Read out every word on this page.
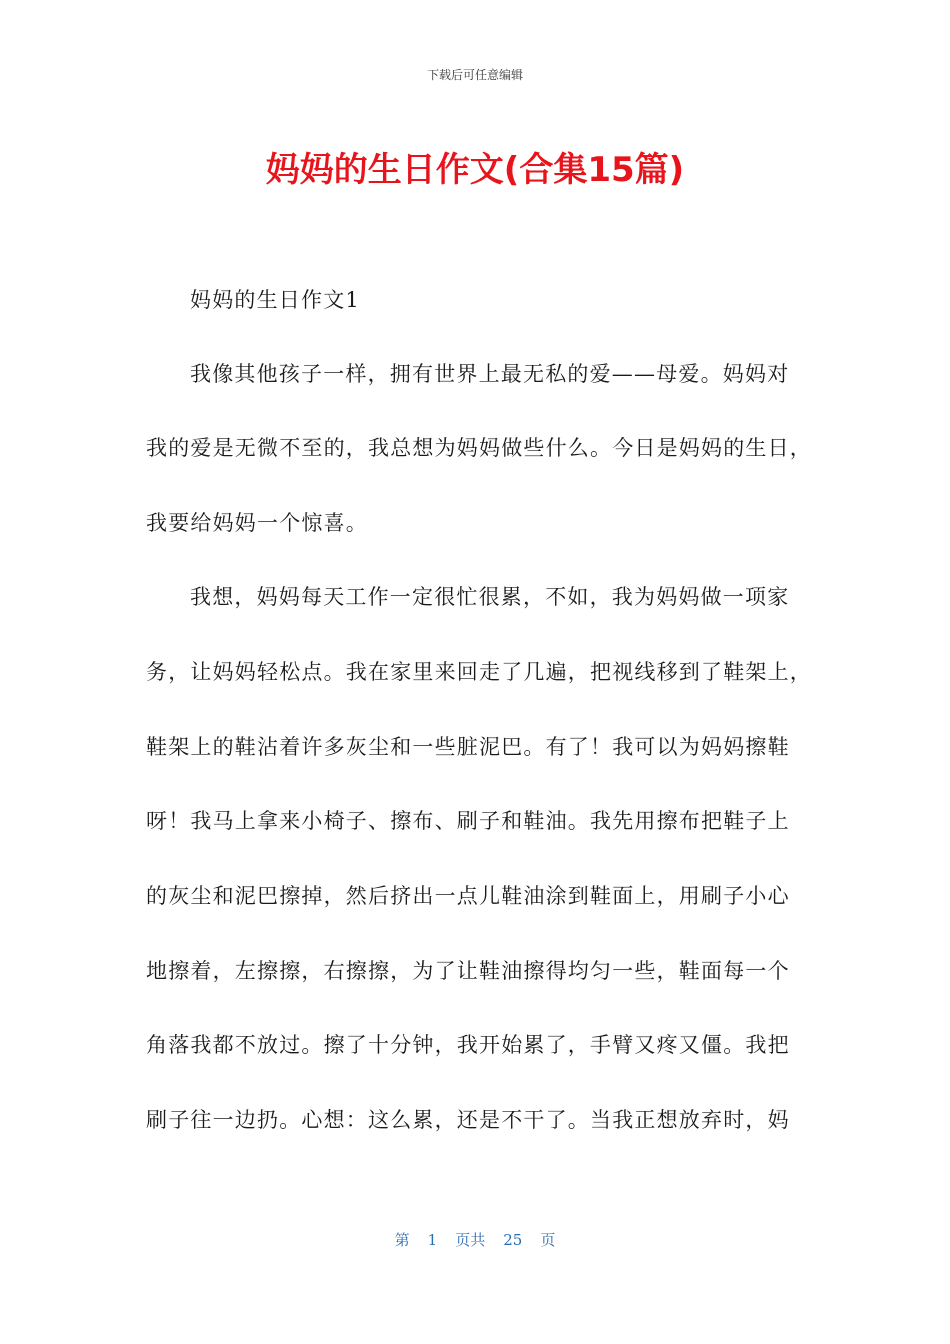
下载后可任意编辑
妈妈的生日作文(合集15篇)
妈妈的生日作文1
我像其他孩子一样，拥有世界上最无私的爱——母爱。妈妈对
我的爱是无微不至的，我总想为妈妈做些什么。今日是妈妈的生日，
我要给妈妈一个惊喜。
我想，妈妈每天工作一定很忙很累，不如，我为妈妈做一项家
务，让妈妈轻松点。我在家里来回走了几遍，把视线移到了鞋架上，
鞋架上的鞋沾着许多灰尘和一些脏泥巴。有了！我可以为妈妈擦鞋
呀！我马上拿来小椅子、擦布、刷子和鞋油。我先用擦布把鞋子上
的灰尘和泥巴擦掉，然后挤出一点儿鞋油涂到鞋面上，用刷子小心
地擦着，左擦擦，右擦擦，为了让鞋油擦得均匀一些，鞋面每一个
角落我都不放过。擦了十分钟，我开始累了，手臂又疼又僵。我把
刷子往一边扔。心想：这么累，还是不干了。当我正想放弃时，妈
第 1 页共 25 页
